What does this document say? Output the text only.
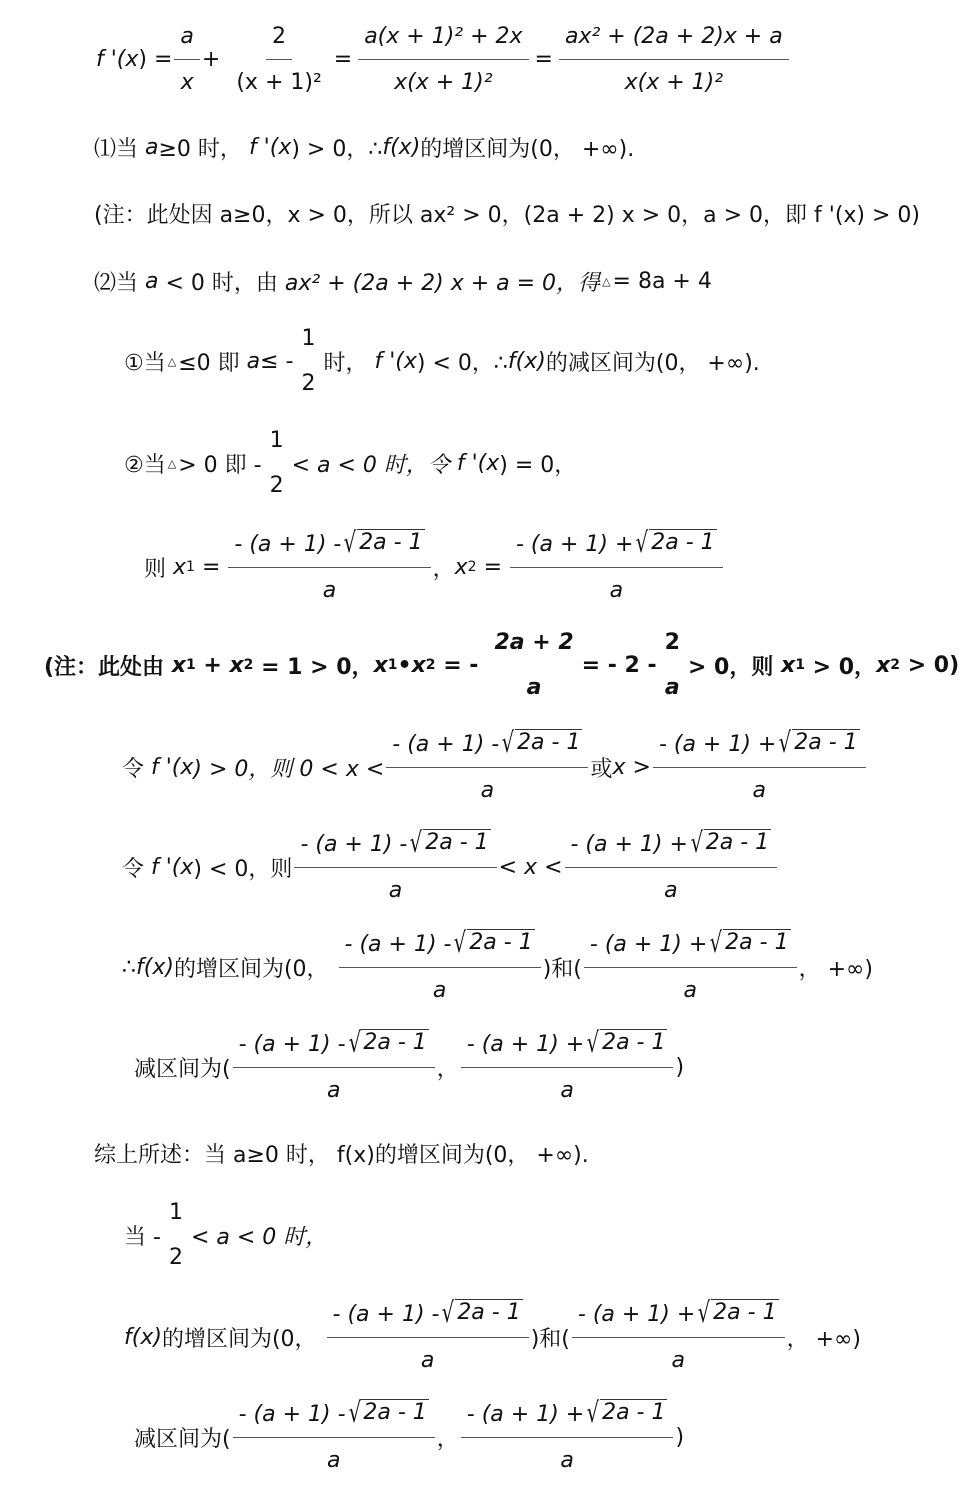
f '$(x) = \frac{a}{x} + \frac{2}{\text{(x + 1)²}} = \frac{\text{a(x + 1)² + 2x}}{\text{x(x + 1)²}} = \frac{\text{ax² + (2a + 2)x + a}}{\text{x(x + 1)²}}$
⑴当
a ≥0 时，
f '( x ) > 0，∴ f(x) 的增区间为(0， +∞).
(注：此处因 a≥0，x > 0，所以 ax² > 0，(2a + 2) x > 0，a > 0，即 f '(x) > 0)
⑵当
a
< 0 时，由
ax² + (2a + 2) x + a = 0，得 △ = 8a + 4
①当 △ ≤0 即
a≤ -
1
2
时，
f '( x ) < 0，∴ f(x) 的减区间为(0， +∞).
②当 △ > 0 即 -
1
2
< a < 0 时，令
f '( x ) = 0，
则
x 1
= $\frac{- (a + 1) - √ 2a - 1}{a}$ ， x 2
= $\frac{- (a + 1) + √ 2a - 1}{a}$
(注：此处由
x 1
+
x 2
= 1 > 0， x 1 • x 2
= -
2a + 2
a
= - 2 -
2
a
> 0，则
x 1
> 0， x 2
> 0)
令
f '( x ) > 0，则 $0 < x < \frac{- (a + 1) - √ 2a - 1}{a}$ 或 $x > \frac{- (a + 1) + √ 2a - 1}{a}$
令
f '( x ) < 0，则 $\frac{- (a + 1) - √ 2a - 1}{a} < x < \frac{- (a + 1) + √ 2a - 1}{a}$
∴ f(x) 的增区间为(0， $\frac{- (a + 1) - √ 2a - 1}{a}$ )和( $\frac{- (a + 1) + √ 2a - 1}{a}$ ， +∞)
减区间为( $\frac{- (a + 1) - √ 2a - 1}{a}$ ， $\frac{- (a + 1) + √ 2a - 1}{a}$ )
综上所述：当 a≥0 时， f(x)的增区间为(0， +∞).
当 -
1
2
< a < 0 时，
f(x) 的增区间为(0， $\frac{- (a + 1) - √ 2a - 1}{a}$ )和( $\frac{- (a + 1) + √ 2a - 1}{a}$ ， +∞)
减区间为( $\frac{- (a + 1) - √ 2a - 1}{a}$ ， $\frac{- (a + 1) + √ 2a - 1}{a}$ )
